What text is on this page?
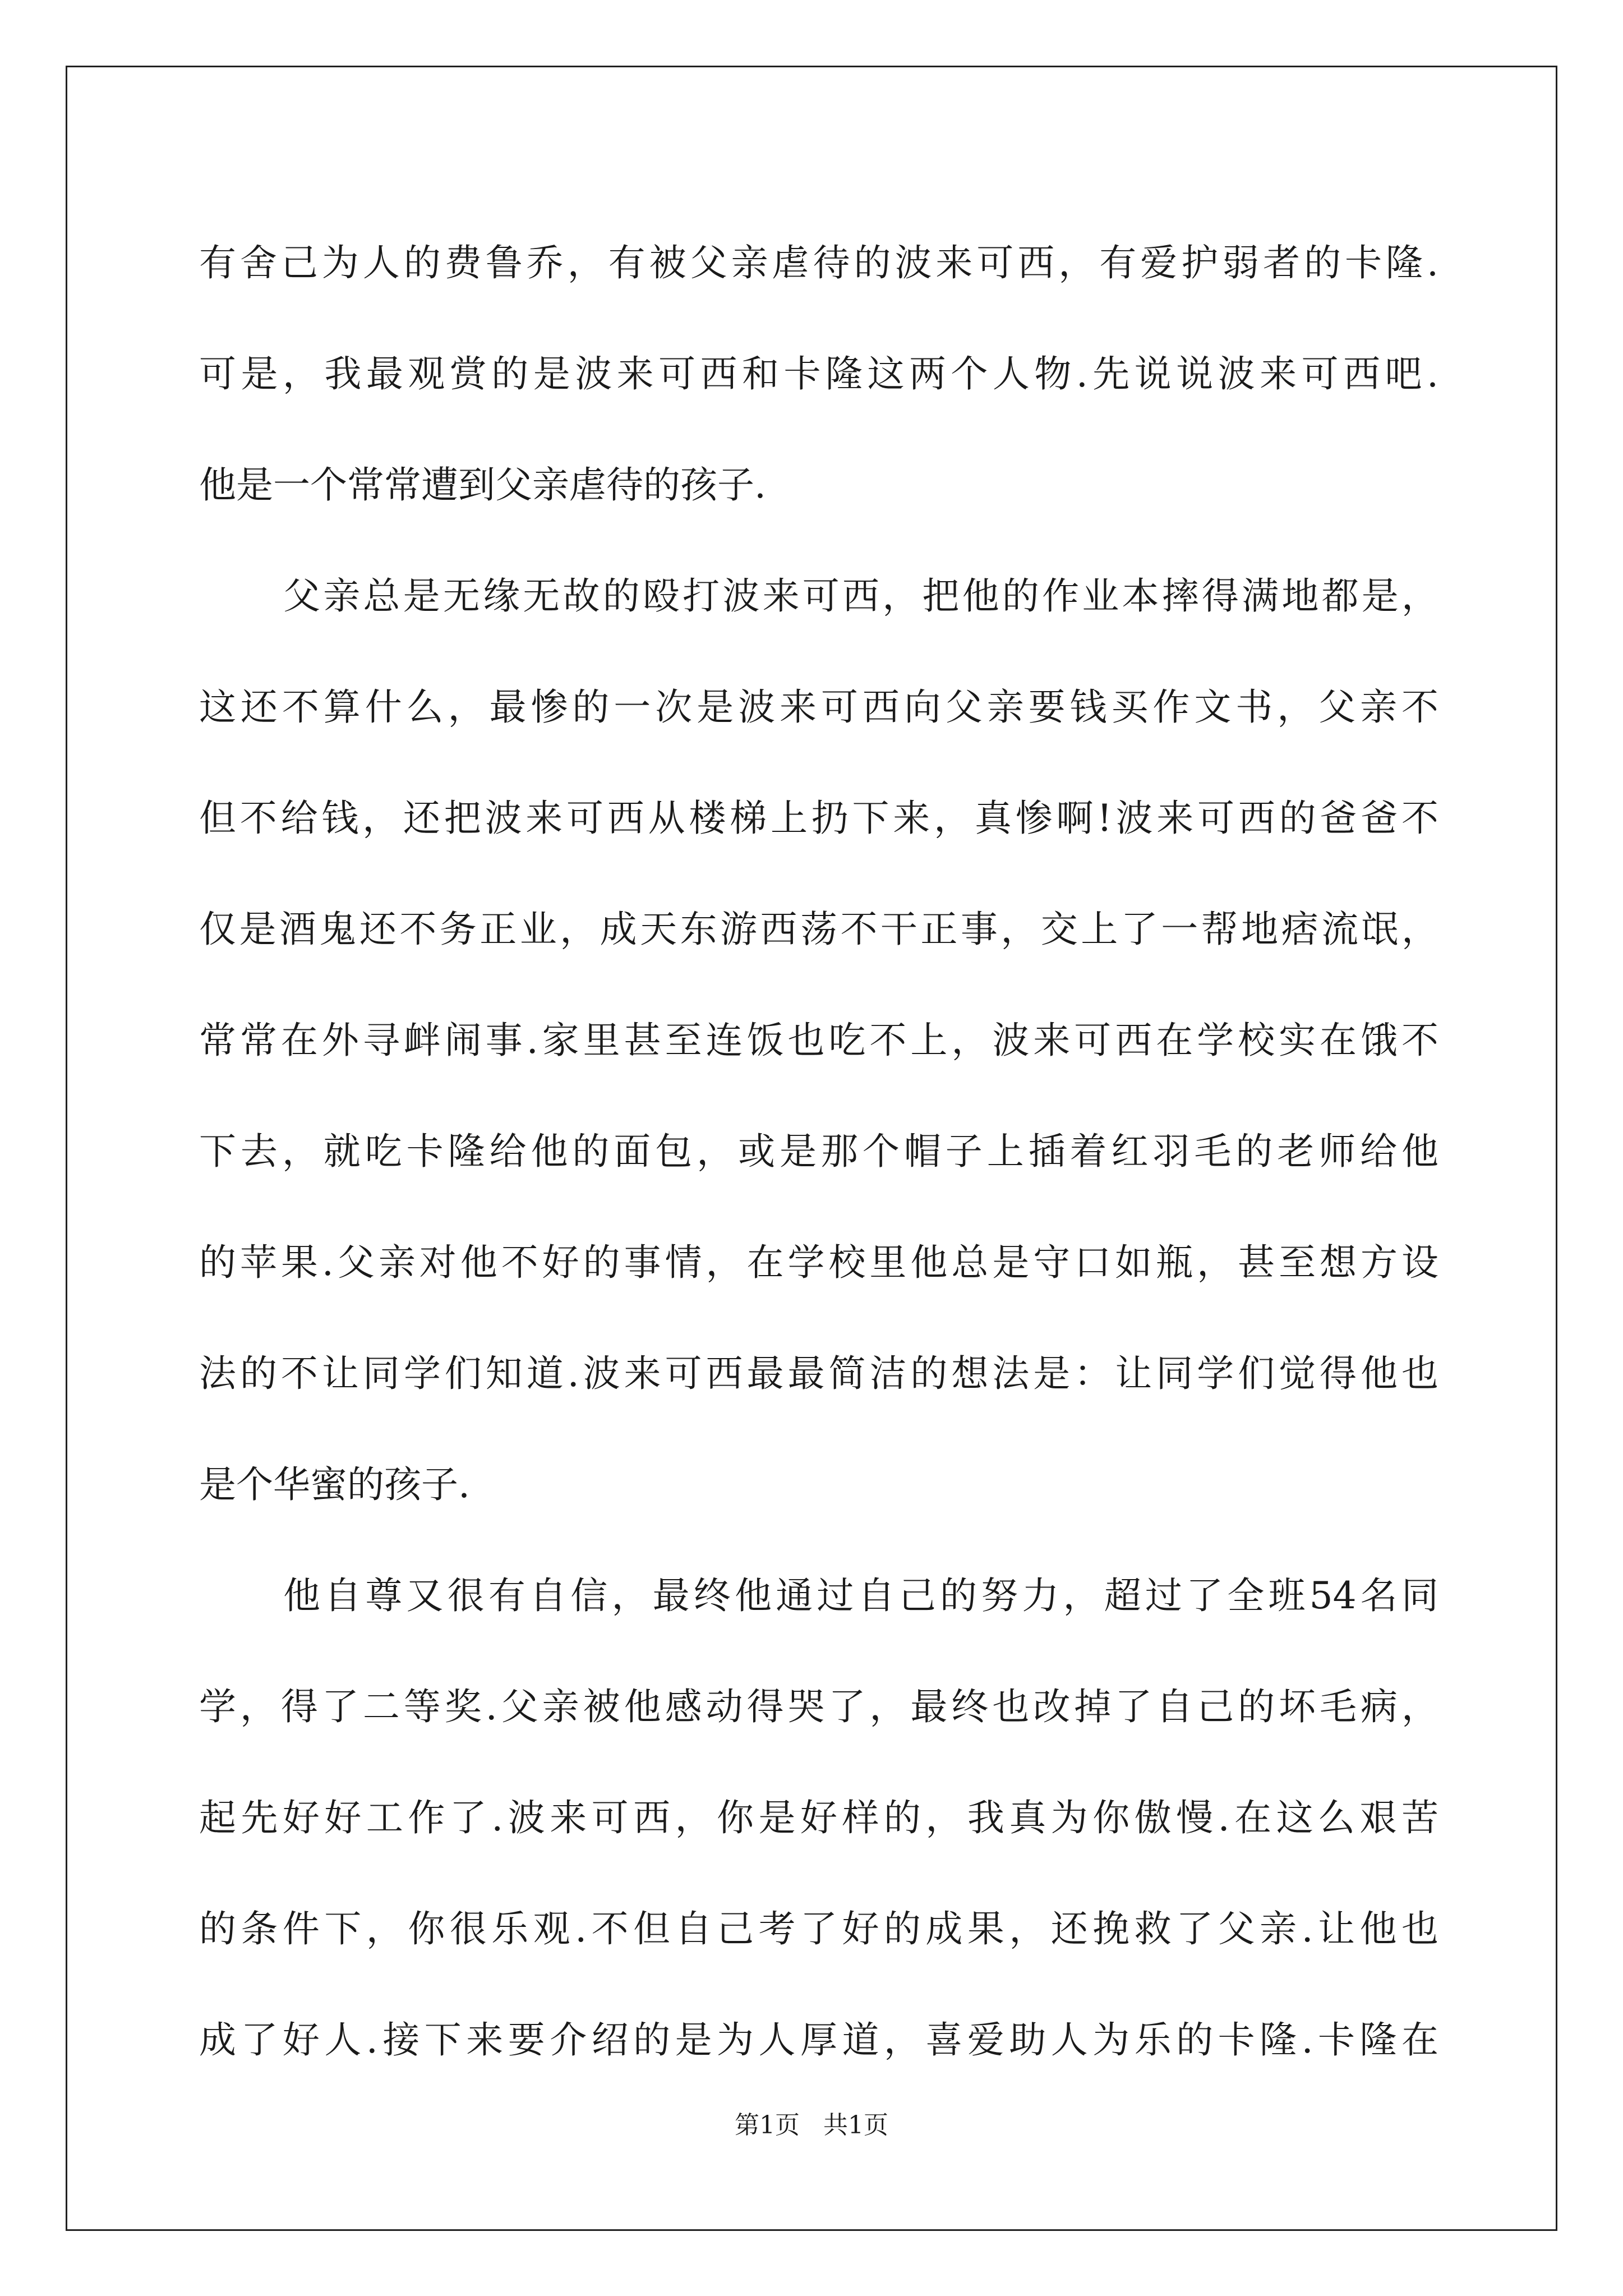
有舍己为人的费鲁乔，有被父亲虐待的波来可西，有爱护弱者的卡隆.
可是，我最观赏的是波来可西和卡隆这两个人物.先说说波来可西吧.
他是一个常常遭到父亲虐待的孩子.
父亲总是无缘无故的殴打波来可西，把他的作业本摔得满地都是，
这还不算什么，最惨的一次是波来可西向父亲要钱买作文书，父亲不
但不给钱，还把波来可西从楼梯上扔下来，真惨啊!波来可西的爸爸不
仅是酒鬼还不务正业，成天东游西荡不干正事，交上了一帮地痞流氓，
常常在外寻衅闹事.家里甚至连饭也吃不上，波来可西在学校实在饿不
下去，就吃卡隆给他的面包，或是那个帽子上插着红羽毛的老师给他
的苹果.父亲对他不好的事情，在学校里他总是守口如瓶，甚至想方设
法的不让同学们知道.波来可西最最简洁的想法是：让同学们觉得他也
是个华蜜的孩子.
他自尊又很有自信，最终他通过自己的努力，超过了全班54名同
学，得了二等奖.父亲被他感动得哭了，最终也改掉了自己的坏毛病，
起先好好工作了.波来可西，你是好样的，我真为你傲慢.在这么艰苦
的条件下，你很乐观.不但自己考了好的成果，还挽救了父亲.让他也
成了好人.接下来要介绍的是为人厚道，喜爱助人为乐的卡隆.卡隆在
第1页   共1页
